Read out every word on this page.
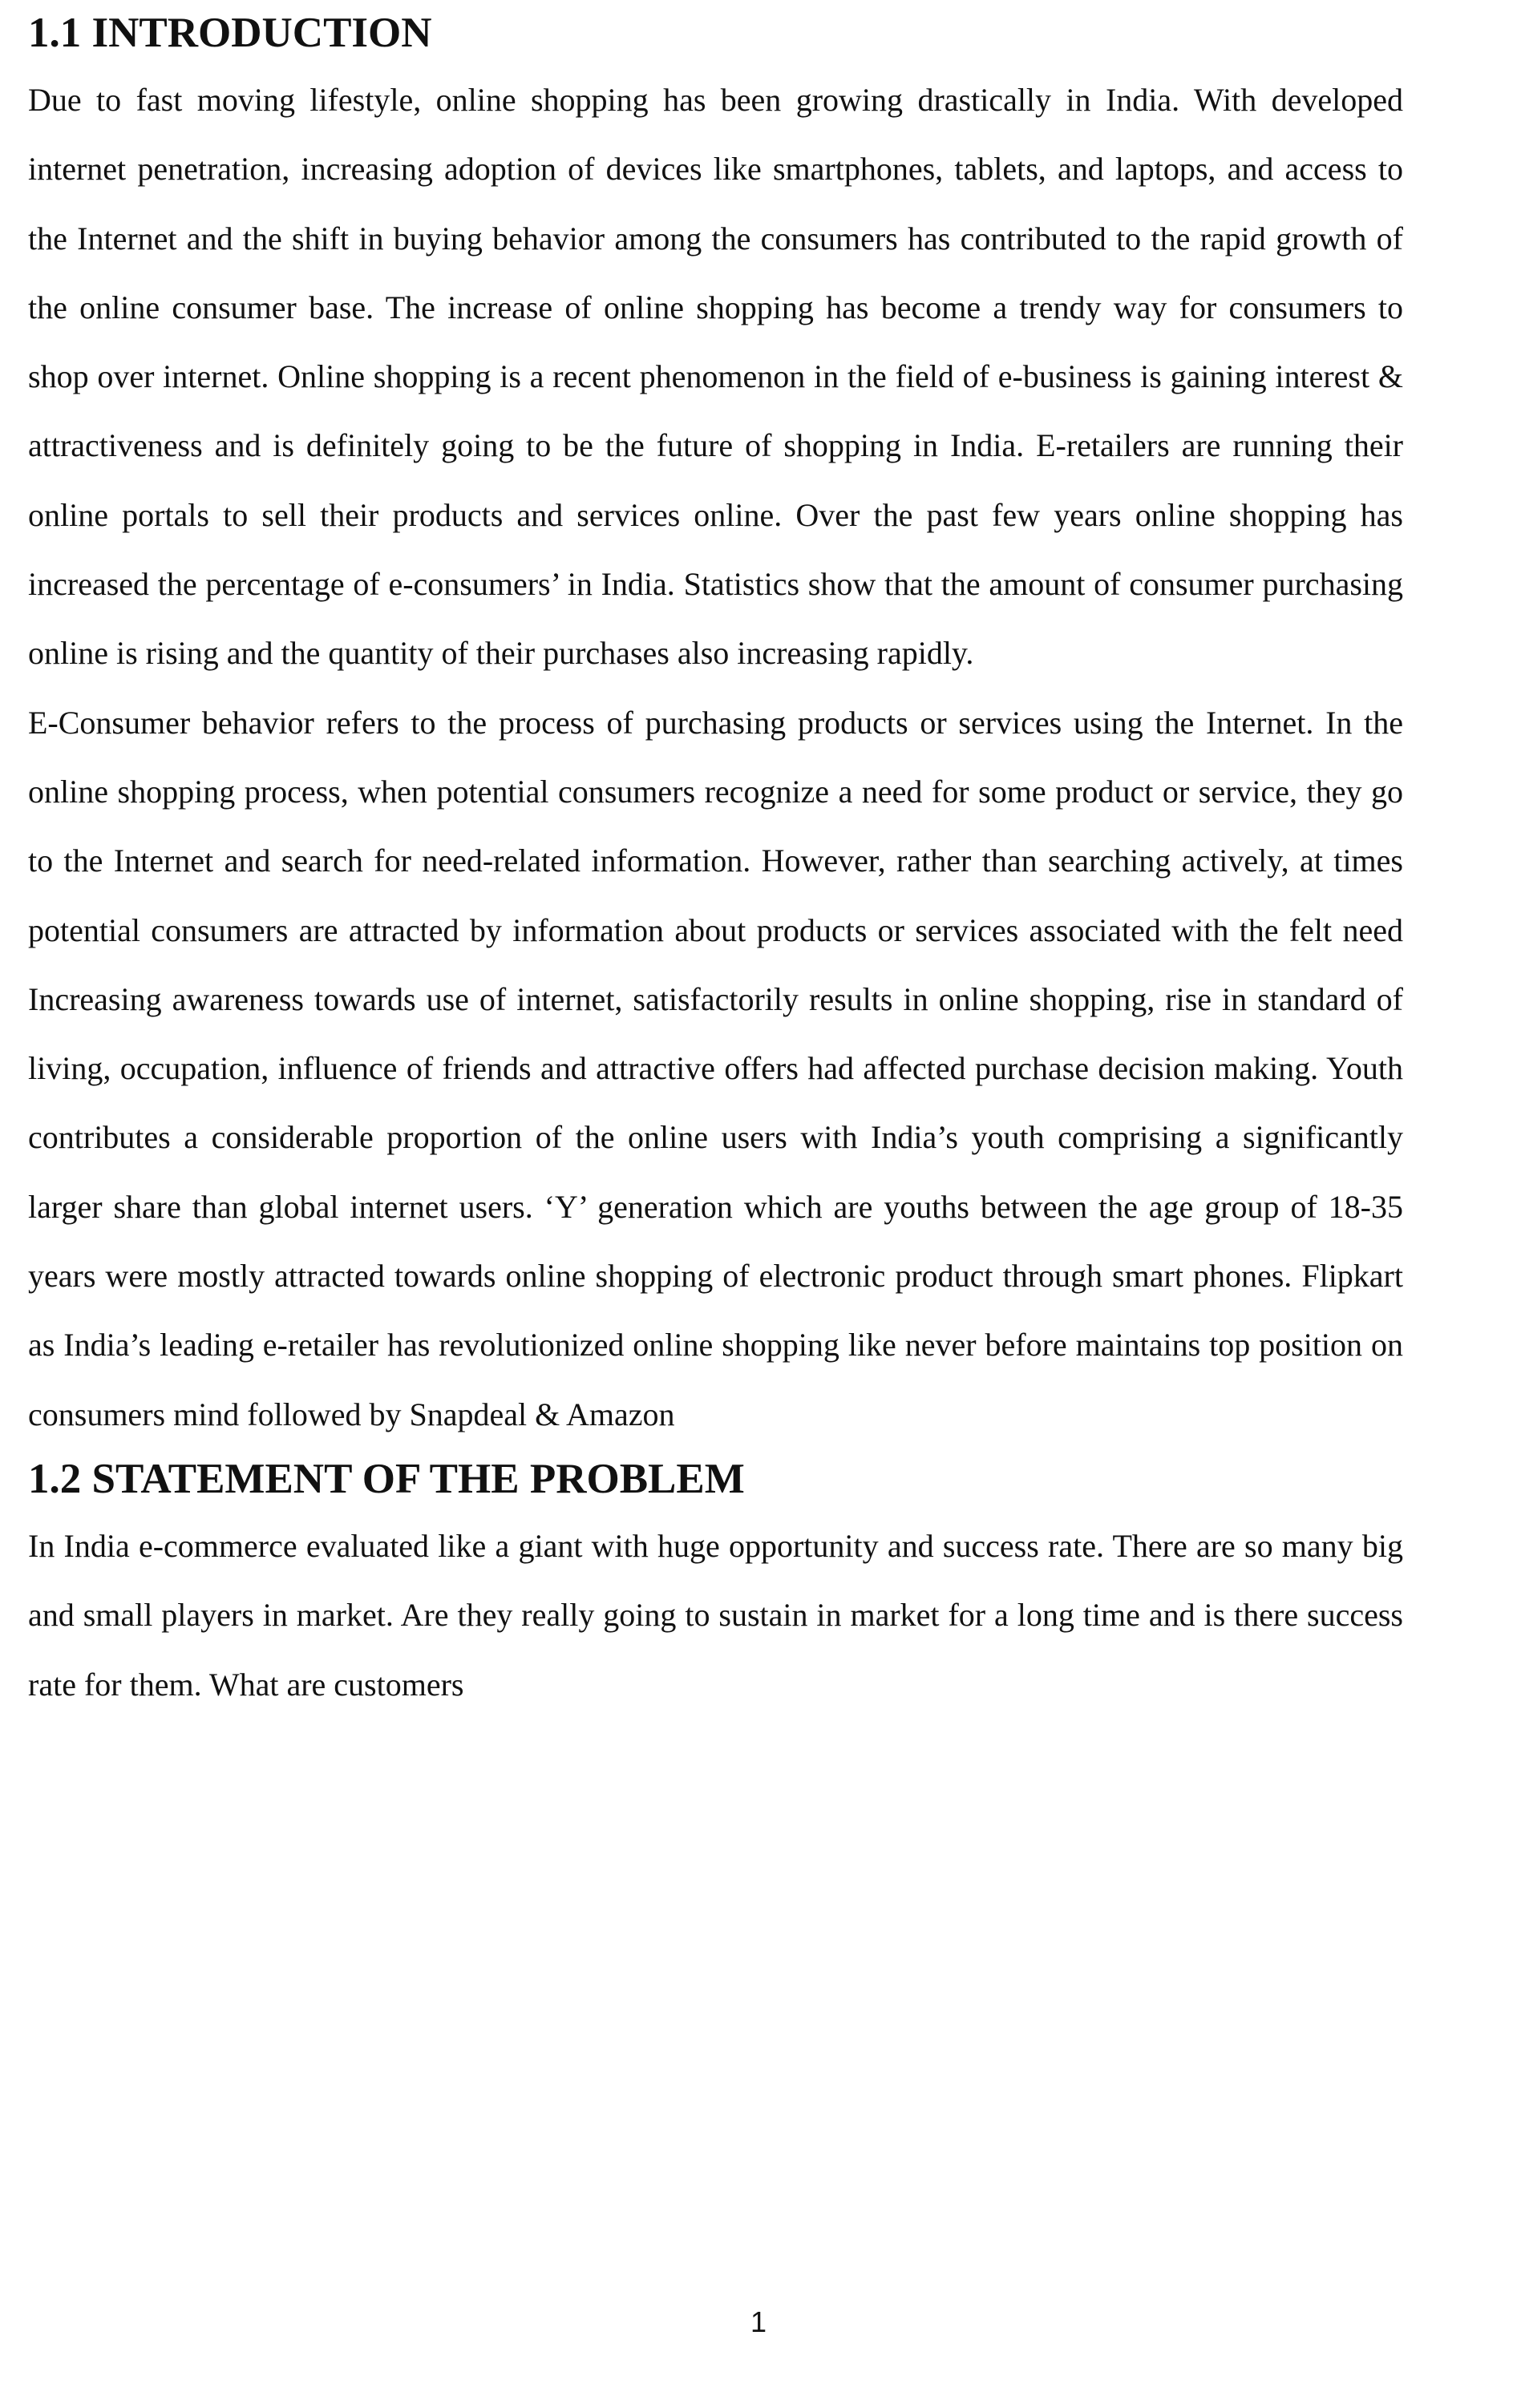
1.1 INTRODUCTION

Due to fast moving lifestyle, online shopping has been growing drastically in India. With developed internet penetration, increasing adoption of devices like smartphones, tablets, and laptops, and access to the Internet and the shift in buying behavior among the consumers has contributed to the rapid growth of the online consumer base. The increase of online shopping has become a trendy way for consumers to shop over internet. Online shopping is a recent phenomenon in the field of e-business is gaining interest & attractiveness and is definitely going to be the future of shopping in India. E-retailers are running their online portals to sell their products and services online. Over the past few years online shopping has increased the percentage of e-consumers’ in India. Statistics show that the amount of consumer purchasing online is rising and the quantity of their purchases also increasing rapidly.

E-Consumer behavior refers to the process of purchasing products or services using the Internet. In the online shopping process, when potential consumers recognize a need for some product or service, they go to the Internet and search for need-related information. However, rather than searching actively, at times potential consumers are attracted by information about products or services associated with the felt need Increasing awareness towards use of internet, satisfactorily results in online shopping, rise in standard of living, occupation, influence of friends and attractive offers had affected purchase decision making. Youth contributes a considerable proportion of the online users with India’s youth comprising a significantly larger share than global internet users. ‘Y’ generation which are youths between the age group of 18-35 years were mostly attracted towards online shopping of electronic product through smart phones. Flipkart as India’s leading e-retailer has revolutionized online shopping like never before maintains top position on consumers mind followed by Snapdeal & Amazon

1.2 STATEMENT OF THE PROBLEM

In India e-commerce evaluated like a giant with huge opportunity and success rate. There are so many big and small players in market. Are they really going to sustain in market for a long time and is there success rate for them. What are customers

1
